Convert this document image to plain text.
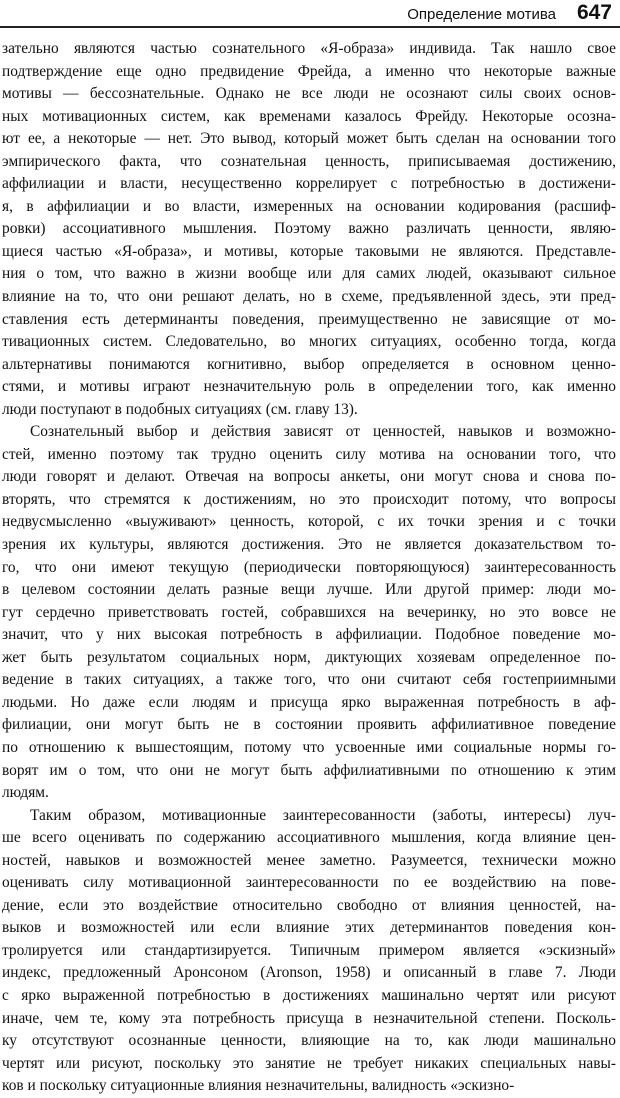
Определение мотива 647
зательно являются частью сознательного «Я-образа» индивида. Так нашло свое
подтверждение еще одно предвидение Фрейда, а именно что некоторые важные
мотивы — бессознательные. Однако не все люди не осознают силы своих основ-
ных мотивационных систем, как временами казалось Фрейду. Некоторые осозна-
ют ее, а некоторые — нет. Это вывод, который может быть сделан на основании того
эмпирического факта, что сознательная ценность, приписываемая достижению,
аффилиации и власти, несущественно коррелирует с потребностью в достижени-
я, в аффилиации и во власти, измеренных на основании кодирования (расшиф-
ровки) ассоциативного мышления. Поэтому важно различать ценности, являю-
щиеся частью «Я-образа», и мотивы, которые таковыми не являются. Представле-
ния о том, что важно в жизни вообще или для самих людей, оказывают сильное
влияние на то, что они решают делать, но в схеме, предъявленной здесь, эти пред-
ставления есть детерминанты поведения, преимущественно не зависящие от мо-
тивационных систем. Следовательно, во многих ситуациях, особенно тогда, когда
альтернативы понимаются когнитивно, выбор определяется в основном ценно-
стями, и мотивы играют незначительную роль в определении того, как именно
люди поступают в подобных ситуациях (см. главу 13).
Сознательный выбор и действия зависят от ценностей, навыков и возможно-
стей, именно поэтому так трудно оценить силу мотива на основании того, что
люди говорят и делают. Отвечая на вопросы анкеты, они могут снова и снова по-
вторять, что стремятся к достижениям, но это происходит потому, что вопросы
недвусмысленно «выуживают» ценность, которой, с их точки зрения и с точки
зрения их культуры, являются достижения. Это не является доказательством то-
го, что они имеют текущую (периодически повторяющуюся) заинтересованность
в целевом состоянии делать разные вещи лучше. Или другой пример: люди мо-
гут сердечно приветствовать гостей, собравшихся на вечеринку, но это вовсе не
значит, что у них высокая потребность в аффилиации. Подобное поведение мо-
жет быть результатом социальных норм, диктующих хозяевам определенное по-
ведение в таких ситуациях, а также того, что они считают себя гостеприимными
людьми. Но даже если людям и присуща ярко выраженная потребность в аф-
филиации, они могут быть не в состоянии проявить аффилиативное поведение
по отношению к вышестоящим, потому что усвоенные ими социальные нормы го-
ворят им о том, что они не могут быть аффилиативными по отношению к этим
людям.
Таким образом, мотивационные заинтересованности (заботы, интересы) луч-
ше всего оценивать по содержанию ассоциативного мышления, когда влияние цен-
ностей, навыков и возможностей менее заметно. Разумеется, технически можно
оценивать силу мотивационной заинтересованности по ее воздействию на пове-
дение, если это воздействие относительно свободно от влияния ценностей, на-
выков и возможностей или если влияние этих детерминантов поведения кон-
тролируется или стандартизируется. Типичным примером является «эскизный»
индекс, предложенный Аронсоном (Aronson, 1958) и описанный в главе 7. Люди
с ярко выраженной потребностью в достижениях машинально чертят или рисуют
иначе, чем те, кому эта потребность присуща в незначительной степени. Посколь-
ку отсутствуют осознанные ценности, влияющие на то, как люди машинально
чертят или рисуют, поскольку это занятие не требует никаких специальных навы-
ков и поскольку ситуационные влияния незначительны, валидность «эскизно-
